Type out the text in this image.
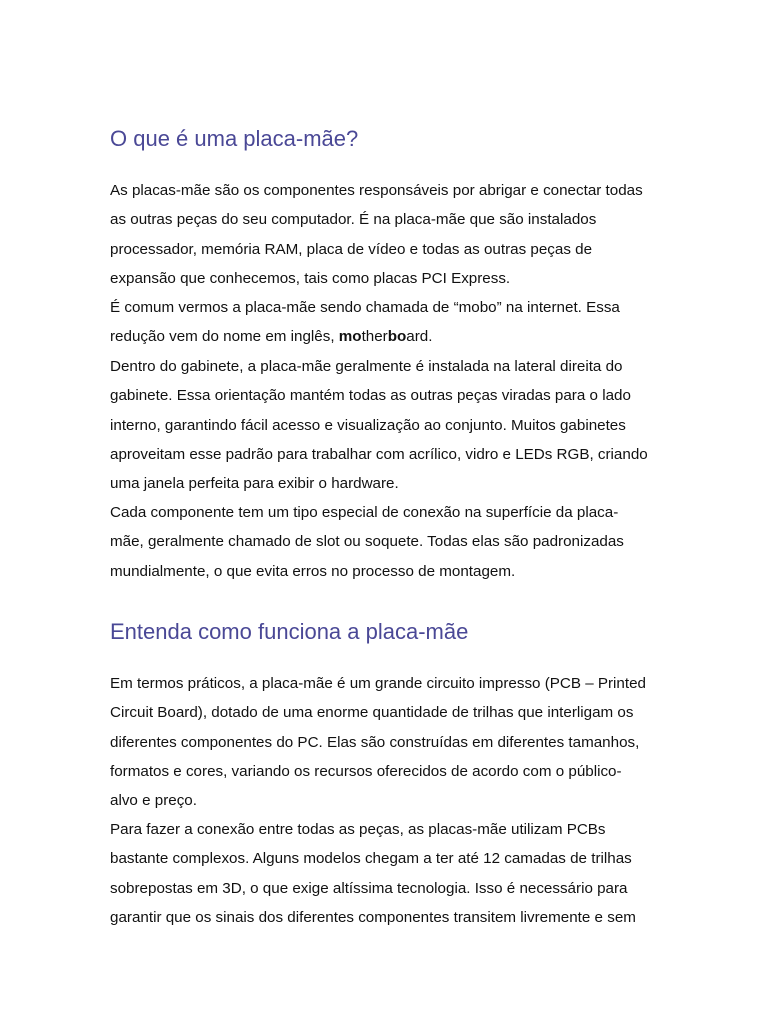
O que é uma placa-mãe?

As placas-mãe são os componentes responsáveis por abrigar e conectar todas
as outras peças do seu computador. É na placa-mãe que são instalados
processador, memória RAM, placa de vídeo e todas as outras peças de
expansão que conhecemos, tais como placas PCI Express.

É comum vermos a placa-mãe sendo chamada de “mobo” na internet. Essa
redução vem do nome em inglês, motherboard.

Dentro do gabinete, a placa-mãe geralmente é instalada na lateral direita do
gabinete. Essa orientação mantém todas as outras peças viradas para o lado
interno, garantindo fácil acesso e visualização ao conjunto. Muitos gabinetes
aproveitam esse padrão para trabalhar com acrílico, vidro e LEDs RGB, criando
uma janela perfeita para exibir o hardware.

Cada componente tem um tipo especial de conexão na superfície da placa-
mãe, geralmente chamado de slot ou soquete. Todas elas são padronizadas
mundialmente, o que evita erros no processo de montagem.

Entenda como funciona a placa-mãe

Em termos práticos, a placa-mãe é um grande circuito impresso (PCB – Printed
Circuit Board), dotado de uma enorme quantidade de trilhas que interligam os
diferentes componentes do PC. Elas são construídas em diferentes tamanhos,
formatos e cores, variando os recursos oferecidos de acordo com o público-
alvo e preço.

Para fazer a conexão entre todas as peças, as placas-mãe utilizam PCBs
bastante complexos. Alguns modelos chegam a ter até 12 camadas de trilhas
sobrepostas em 3D, o que exige altíssima tecnologia. Isso é necessário para
garantir que os sinais dos diferentes componentes transitem livremente e sem
